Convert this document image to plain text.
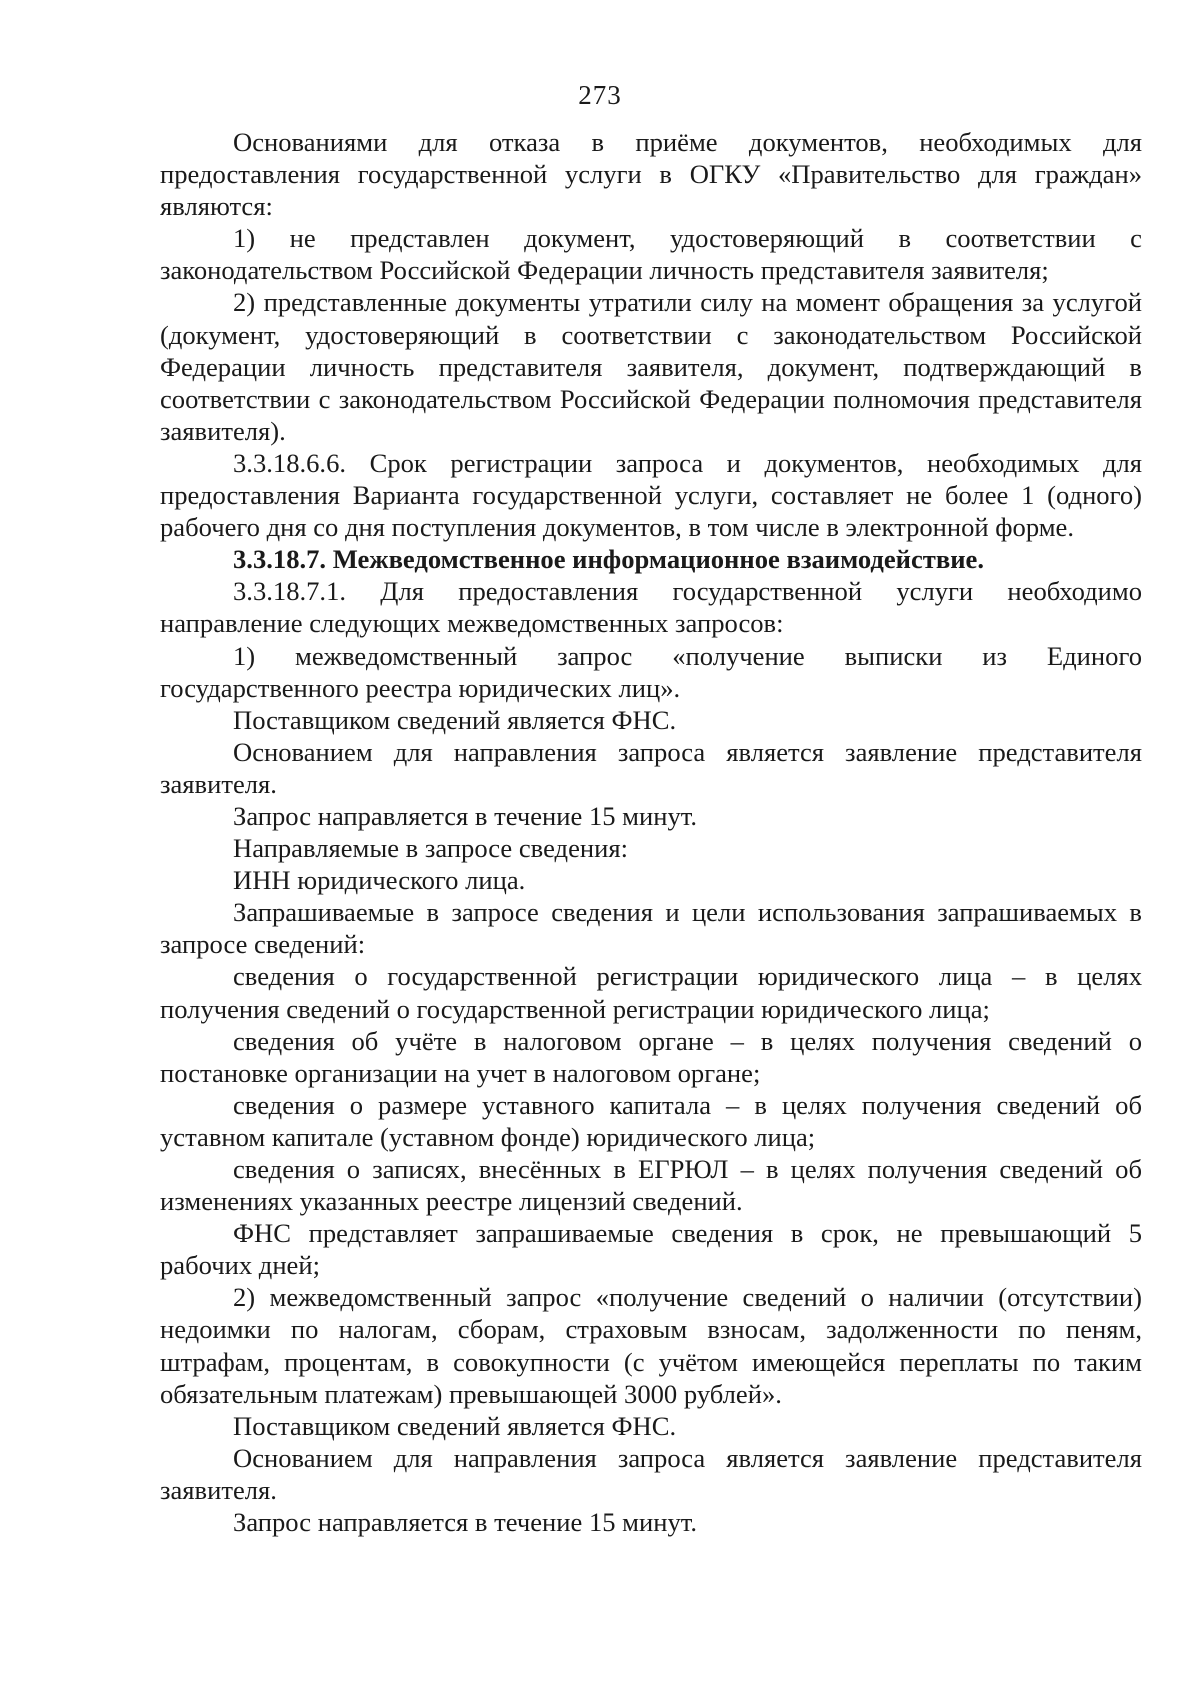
273

Основаниями для отказа в приёме документов, необходимых для предоставления государственной услуги в ОГКУ «Правительство для граждан» являются:

1) не представлен документ, удостоверяющий в соответствии с законодательством Российской Федерации личность представителя заявителя;

2) представленные документы утратили силу на момент обращения за услугой (документ, удостоверяющий в соответствии с законодательством Российской Федерации личность представителя заявителя, документ, подтверждающий в соответствии с законодательством Российской Федерации полномочия представителя заявителя).

3.3.18.6.6. Срок регистрации запроса и документов, необходимых для предоставления Варианта государственной услуги, составляет не более 1 (одного) рабочего дня со дня поступления документов, в том числе в электронной форме.

3.3.18.7. Межведомственное информационное взаимодействие.

3.3.18.7.1. Для предоставления государственной услуги необходимо направление следующих межведомственных запросов:

1) межведомственный запрос «получение выписки из Единого государственного реестра юридических лиц».

Поставщиком сведений является ФНС.

Основанием для направления запроса является заявление представителя заявителя.

Запрос направляется в течение 15 минут.

Направляемые в запросе сведения:

ИНН юридического лица.

Запрашиваемые в запросе сведения и цели использования запрашиваемых в запросе сведений:

сведения о государственной регистрации юридического лица – в целях получения сведений о государственной регистрации юридического лица;

сведения об учёте в налоговом органе – в целях получения сведений о постановке организации на учет в налоговом органе;

сведения о размере уставного капитала – в целях получения сведений об уставном капитале (уставном фонде) юридического лица;

сведения о записях, внесённых в ЕГРЮЛ – в целях получения сведений об изменениях указанных реестре лицензий сведений.

ФНС представляет запрашиваемые сведения в срок, не превышающий 5 рабочих дней;

2) межведомственный запрос «получение сведений о наличии (отсутствии) недоимки по налогам, сборам, страховым взносам, задолженности по пеням, штрафам, процентам, в совокупности (с учётом имеющейся переплаты по таким обязательным платежам) превышающей 3000 рублей».

Поставщиком сведений является ФНС.

Основанием для направления запроса является заявление представителя заявителя.

Запрос направляется в течение 15 минут.
